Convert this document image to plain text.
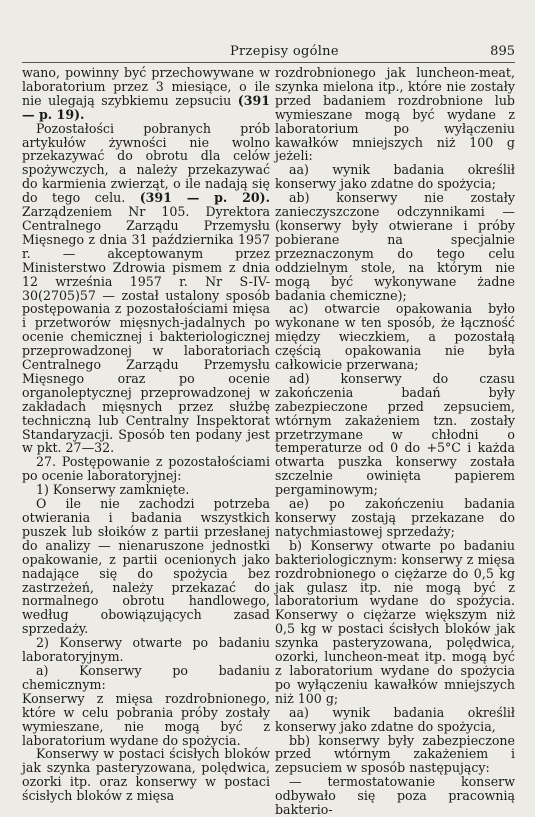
Przepisy ogólne	895

wano, powinny być przechowywane w laboratorium przez 3 miesiące, o ile nie ulegają szybkiemu zepsuciu (391 — p. 19).

Pozostałości pobranych prób artykułów żywności nie wolno przekazywać do obrotu dla celów spożywczych, a należy przekazywać do karmienia zwierząt, o ile nadają się do tego celu. (391 — p. 20). Zarządzeniem Nr 105. Dyrektora Centralnego Zarządu Przemysłu Mięsnego z dnia 31 października 1957 r. — akceptowanym przez Ministerstwo Zdrowia pismem z dnia 12 września 1957 r. Nr S-IV-30(2705)57 — został ustalony sposób postępowania z pozostałościami mięsa i przetworów mięsnych-jadalnych po ocenie chemicznej i bakteriologicznej przeprowadzonej w laboratoriach Centralnego Zarządu Przemysłu Mięsnego oraz po ocenie organoleptycznej przeprowadzonej w zakładach mięsnych przez służbę techniczną lub Centralny Inspektorat Standaryzacji. Sposób ten podany jest w pkt. 27—32.

27. Postępowanie z pozostałościami po ocenie laboratoryjnej:

1) Konserwy zamknięte.

O ile nie zachodzi potrzeba otwierania i badania wszystkich puszek lub słoików z partii przesłanej do analizy — nienaruszone jednostki opakowanie, z partii ocenionych jako nadające się do spożycia bez zastrzeżeń, należy przekazać do normalnego obrotu handlowego, według obowiązujących zasad sprzedaży.

2) Konserwy otwarte po badaniu laboratoryjnym.

a) Konserwy po badaniu chemicznym:

Konserwy z mięsa rozdrobnionego, które w celu pobrania próby zostały wymieszane, nie mogą być z laboratorium wydane do spożycia.

Konserwy w postaci ścisłych bloków jak szynka pasteryzowana, polędwica, ozorki itp. oraz konserwy w postaci ścisłych bloków z mięsa

rozdrobnionego jak luncheon-meat, szynka mielona itp., które nie zostały przed badaniem rozdrobnione lub wymieszane mogą być wydane z laboratorium po wyłączeniu kawałków mniejszych niż 100 g jeżeli:

aa) wynik badania określił konserwy jako zdatne do spożycia;

ab) konserwy nie zostały zanieczyszczone odczynnikami — (konserwy były otwierane i próby pobierane na specjalnie przeznaczonym do tego celu oddzielnym stole, na którym nie mogą być wykonywane żadne badania chemiczne);

ac) otwarcie opakowania było wykonane w ten sposób, że łączność między wieczkiem, a pozostałą częścią opakowania nie była całkowicie przerwana;

ad) konserwy do czasu zakończenia badań były zabezpieczone przed zepsuciem, wtórnym zakażeniem tzn. zostały przetrzymane w chłodni o temperaturze od 0 do +5°C i każda otwarta puszka konserwy została szczelnie owinięta papierem pergaminowym;

ae) po zakończeniu badania konserwy zostają przekazane do natychmiastowej sprzedaży;

b) Konserwy otwarte po badaniu bakteriologicznym: konserwy z mięsa rozdrobnionego o ciężarze do 0,5 kg jak gulasz itp. nie mogą być z laboratorium wydane do spożycia. Konserwy o ciężarze większym niż 0,5 kg w postaci ścisłych bloków jak szynka pasteryzowana, polędwica, ozorki, luncheon-meat itp. mogą być z laboratorium wydane do spożycia po wyłączeniu kawałków mniejszych niż 100 g;

aa) wynik badania określił konserwy jako zdatne do spożycia,

bb) konserwy były zabezpieczone przed wtórnym zakażeniem i zepsuciem w sposób następujący:

— termostatowanie konserw odbywało się poza pracownią bakterio-
